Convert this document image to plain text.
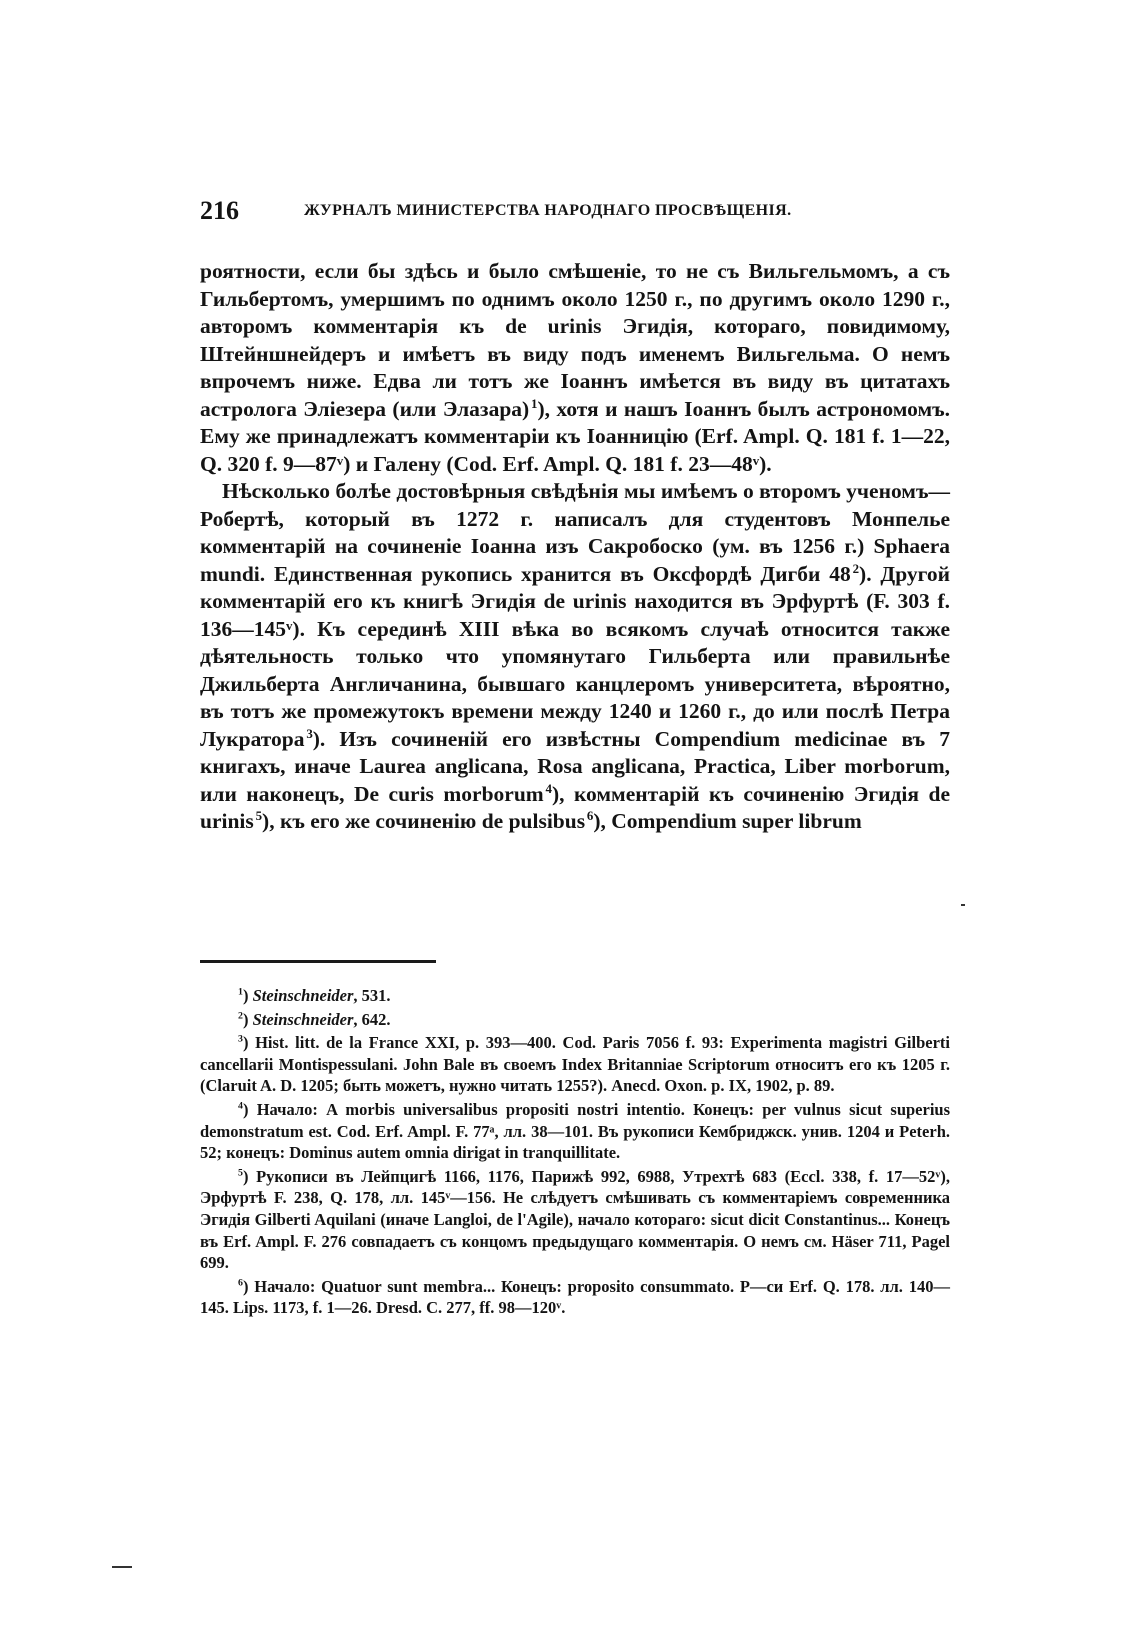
216	ЖУРНАЛЪ МИНИСТЕРСТВА НАРОДНАГО ПРОСВѢЩЕНІЯ.

роятности, если бы здѣсь и было смѣшеніе, то не съ Вильгельмомъ, а съ Гильбертомъ, умершимъ по однимъ около 1250 г., по другимъ около 1290 г., авторомъ комментарія къ de urinis Эгидія, котораго, повидимому, Штейншнейдеръ и имѣетъ въ виду подъ именемъ Вильгельма. О немъ впрочемъ ниже. Едва ли тотъ же Іоаннъ имѣется въ виду въ цитатахъ астролога Эліезера (или Элазара)  $^1$), хотя и нашъ Іоаннъ былъ астрономомъ. Ему же принадлежатъ комментаріи къ Іоанницію (Erf. Ampl. Q. 181 f. 1—22, Q. 320 f. 9—87ᵛ) и Галену (Cod. Erf. Ampl. Q. 181 f. 23—48ᵛ).

Нѣсколько болѣе достовѣрныя свѣдѣнія мы имѣемъ о второмъ ученомъ—Робертѣ, который въ 1272 г. написалъ для студентовъ Монпелье комментарій на сочиненіе Іоанна изъ Сакробоско (ум. въ 1256 г.) Sphaera mundi. Единственная рукопись хранится въ Оксфордѣ Дигби 48  $^2$). Другой комментарій его къ книгѣ Эгидія de urinis находится въ Эрфуртѣ (F. 303 f. 136—145ᵛ). Къ серединѣ XIII вѣка во всякомъ случаѣ относится также дѣятельность только что упомянутаго Гильберта или правильнѣе Джильберта Англичанина, бывшаго канцлеромъ университета, вѣроятно, въ тотъ же промежутокъ времени между 1240 и 1260 г., до или послѣ Петра Лукратора  $^3$). Изъ сочиненій его извѣстны Compendium medicinae въ 7 книгахъ, иначе Laurea anglicana, Rosa anglicana, Practica, Liber morborum, или наконецъ, De curis morborum  $^4$), комментарій къ сочиненію Эгидія de urinis  $^5$), къ его же сочиненію de pulsibus  $^6$), Compendium super librum

$^1$) Steinschneider, 531.

$^2$) Steinschneider, 642.

$^3$) Hist. litt. de la France XXI, p. 393—400. Cod. Paris 7056 f. 93: Experimenta magistri Gilberti cancellarii Montispessulani. John Bale въ своемъ Index Britanniae Scriptorum относитъ его къ 1205 г. (Claruit A. D. 1205; быть можетъ, нужно читать 1255?). Anecd. Oxon. p. IX, 1902, p. 89.

$^4$) Начало: A morbis universalibus propositi nostri intentio. Конецъ: per vulnus sicut superius demonstratum est. Cod. Erf. Ampl. F. 77ᵃ, лл. 38—101. Въ рукописи Кембриджск. унив. 1204 и Peterh. 52; конецъ: Dominus autem omnia dirigat in tranquillitate.

$^5$) Рукописи въ Лейпцигѣ 1166, 1176, Парижѣ 992, 6988, Утрехтѣ 683 (Eccl. 338, f. 17—52ᵛ), Эрфуртѣ F. 238, Q. 178, лл. 145ᵛ—156. Не слѣдуетъ смѣшивать съ комментаріемъ современника Эгидія Gilberti Aquilani (иначе Langloi, de l'Agile), начало котораго: sicut dicit Constantinus... Конецъ въ Erf. Ampl. F. 276 совпадаетъ съ концомъ предыдущаго комментарія. О немъ см. Häser 711, Pagel 699.

$^6$) Начало: Quatuor sunt membra... Конецъ: proposito consummato. Р—си Erf. Q. 178. лл. 140—145. Lips. 1173, f. 1—26. Dresd. C. 277, ff. 98—120ᵛ.
